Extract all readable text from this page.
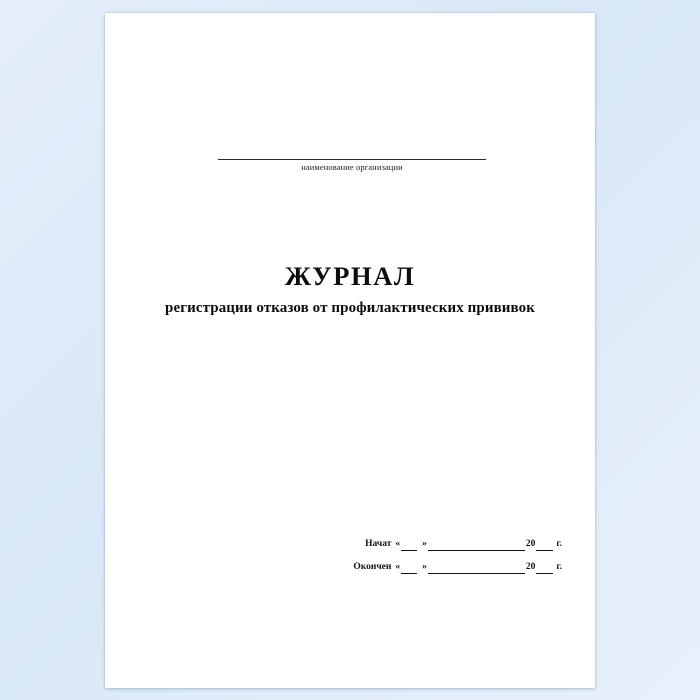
наименование организации
ЖУРНАЛ
регистрации отказов от профилактических прививок
Начат «	»	20 г.
Окончен «	»	20 г.
